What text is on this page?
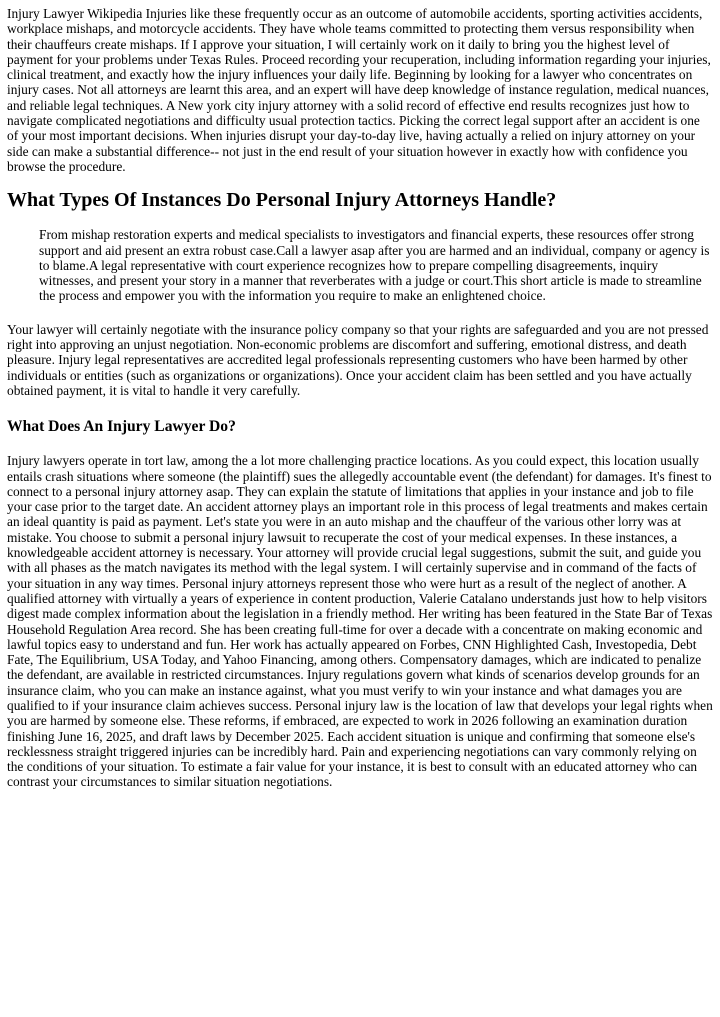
Injury Lawyer Wikipedia Injuries like these frequently occur as an outcome of automobile accidents, sporting activities accidents, workplace mishaps, and motorcycle accidents. They have whole teams committed to protecting them versus responsibility when their chauffeurs create mishaps. If I approve your situation, I will certainly work on it daily to bring you the highest level of payment for your problems under Texas Rules. Proceed recording your recuperation, including information regarding your injuries, clinical treatment, and exactly how the injury influences your daily life. Beginning by looking for a lawyer who concentrates on injury cases. Not all attorneys are learnt this area, and an expert will have deep knowledge of instance regulation, medical nuances, and reliable legal techniques. A New york city injury attorney with a solid record of effective end results recognizes just how to navigate complicated negotiations and difficulty usual protection tactics. Picking the correct legal support after an accident is one of your most important decisions. When injuries disrupt your day-to-day live, having actually a relied on injury attorney on your side can make a substantial difference-- not just in the end result of your situation however in exactly how with confidence you browse the procedure.

What Types Of Instances Do Personal Injury Attorneys Handle?

From mishap restoration experts and medical specialists to investigators and financial experts, these resources offer strong support and aid present an extra robust case.Call a lawyer asap after you are harmed and an individual, company or agency is to blame.A legal representative with court experience recognizes how to prepare compelling disagreements, inquiry witnesses, and present your story in a manner that reverberates with a judge or court.This short article is made to streamline the process and empower you with the information you require to make an enlightened choice.

Your lawyer will certainly negotiate with the insurance policy company so that your rights are safeguarded and you are not pressed right into approving an unjust negotiation. Non-economic problems are discomfort and suffering, emotional distress, and death pleasure. Injury legal representatives are accredited legal professionals representing customers who have been harmed by other individuals or entities (such as organizations or organizations). Once your accident claim has been settled and you have actually obtained payment, it is vital to handle it very carefully.

What Does An Injury Lawyer Do?

Injury lawyers operate in tort law, among the a lot more challenging practice locations. As you could expect, this location usually entails crash situations where someone (the plaintiff) sues the allegedly accountable event (the defendant) for damages. It's finest to connect to a personal injury attorney asap. They can explain the statute of limitations that applies in your instance and job to file your case prior to the target date. An accident attorney plays an important role in this process of legal treatments and makes certain an ideal quantity is paid as payment. Let's state you were in an auto mishap and the chauffeur of the various other lorry was at mistake. You choose to submit a personal injury lawsuit to recuperate the cost of your medical expenses. In these instances, a knowledgeable accident attorney is necessary. Your attorney will provide crucial legal suggestions, submit the suit, and guide you with all phases as the match navigates its method with the legal system. I will certainly supervise and in command of the facts of your situation in any way times. Personal injury attorneys represent those who were hurt as a result of the neglect of another. A qualified attorney with virtually a years of experience in content production, Valerie Catalano understands just how to help visitors digest made complex information about the legislation in a friendly method. Her writing has been featured in the State Bar of Texas Household Regulation Area record. She has been creating full-time for over a decade with a concentrate on making economic and lawful topics easy to understand and fun. Her work has actually appeared on Forbes, CNN Highlighted Cash, Investopedia, Debt Fate, The Equilibrium, USA Today, and Yahoo Financing, among others. Compensatory damages, which are indicated to penalize the defendant, are available in restricted circumstances. Injury regulations govern what kinds of scenarios develop grounds for an insurance claim, who you can make an instance against, what you must verify to win your instance and what damages you are qualified to if your insurance claim achieves success. Personal injury law is the location of law that develops your legal rights when you are harmed by someone else. These reforms, if embraced, are expected to work in 2026 following an examination duration finishing June 16, 2025, and draft laws by December 2025. Each accident situation is unique and confirming that someone else's recklessness straight triggered injuries can be incredibly hard. Pain and experiencing negotiations can vary commonly relying on the conditions of your situation. To estimate a fair value for your instance, it is best to consult with an educated attorney who can contrast your circumstances to similar situation negotiations.
